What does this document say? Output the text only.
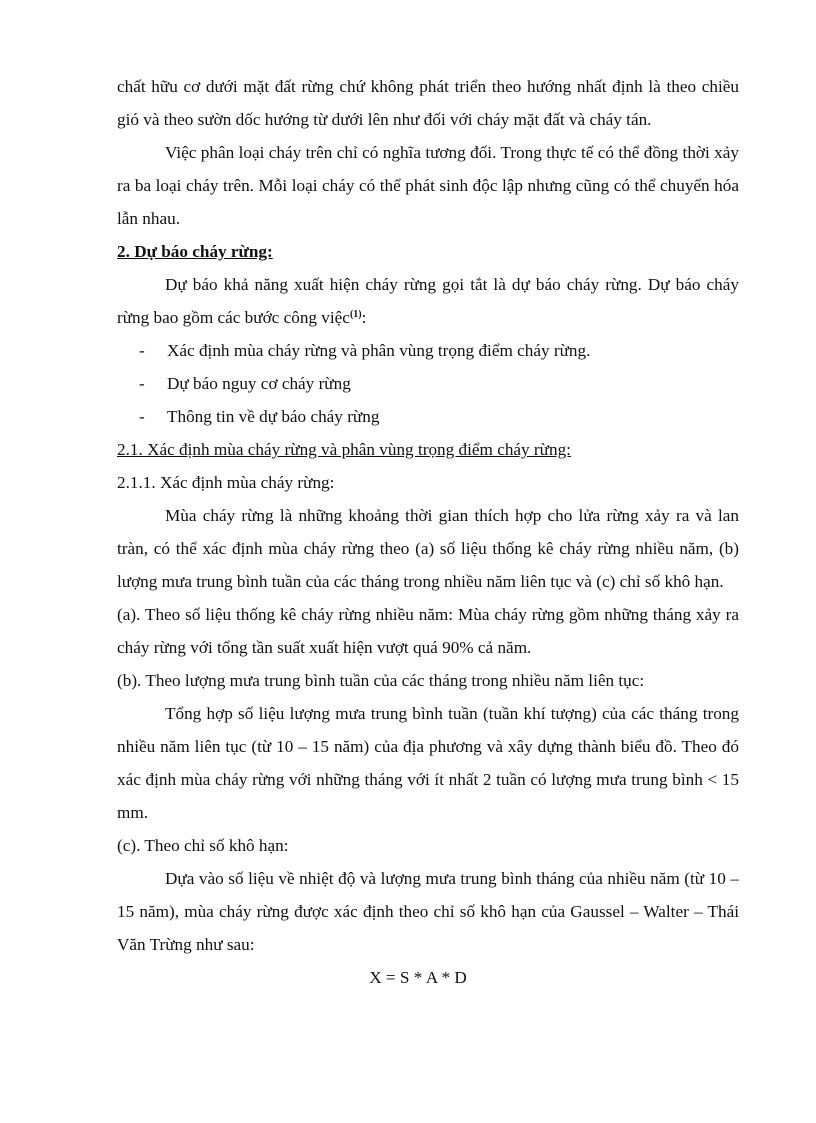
chất hữu cơ dưới mặt đất rừng chứ không phát triển theo hướng nhất định là theo chiều gió và theo sườn dốc hướng từ dưới lên như đối với cháy mặt đất và cháy tán.

Việc phân loại cháy trên chỉ có nghĩa tương đối. Trong thực tế có thể đồng thời xảy ra ba loại cháy trên. Mỗi loại cháy có thể phát sinh độc lập nhưng cũng có thể chuyển hóa lẫn nhau.

2. Dự báo cháy rừng:

Dự báo khả năng xuất hiện cháy rừng gọi tắt là dự báo cháy rừng. Dự báo cháy rừng bao gồm các bước công việc$^{(1)}$:

- Xác định mùa cháy rừng và phân vùng trọng điểm cháy rừng.
- Dự báo nguy cơ cháy rừng
- Thông tin về dự báo cháy rừng

2.1. Xác định mùa cháy rừng và phân vùng trọng điểm cháy rừng:

2.1.1. Xác định mùa cháy rừng:

Mùa cháy rừng là những khoảng thời gian thích hợp cho lửa rừng xảy ra và lan tràn, có thể xác định mùa cháy rừng theo (a) số liệu thống kê cháy rừng nhiều năm, (b) lượng mưa trung bình tuần của các tháng trong nhiều năm liên tục và (c) chỉ số khô hạn.

(a). Theo số liệu thống kê cháy rừng nhiều năm: Mùa cháy rừng gồm những tháng xảy ra cháy rừng với tổng tần suất xuất hiện vượt quá 90% cả năm.

(b). Theo lượng mưa trung bình tuần của các tháng trong nhiều năm liên tục:

Tổng hợp số liệu lượng mưa trung bình tuần (tuần khí tượng) của các tháng trong nhiều năm liên tục (từ 10 – 15 năm) của địa phương và xây dựng thành biểu đồ. Theo đó xác định mùa cháy rừng với những tháng với ít nhất 2 tuần có lượng mưa trung bình < 15 mm.

(c). Theo chỉ số khô hạn:

Dựa vào số liệu về nhiệt độ và lượng mưa trung bình tháng của nhiều năm (từ 10 – 15 năm), mùa cháy rừng được xác định theo chỉ số khô hạn của Gaussel – Walter – Thái Văn Trừng như sau:

X = S * A * D
